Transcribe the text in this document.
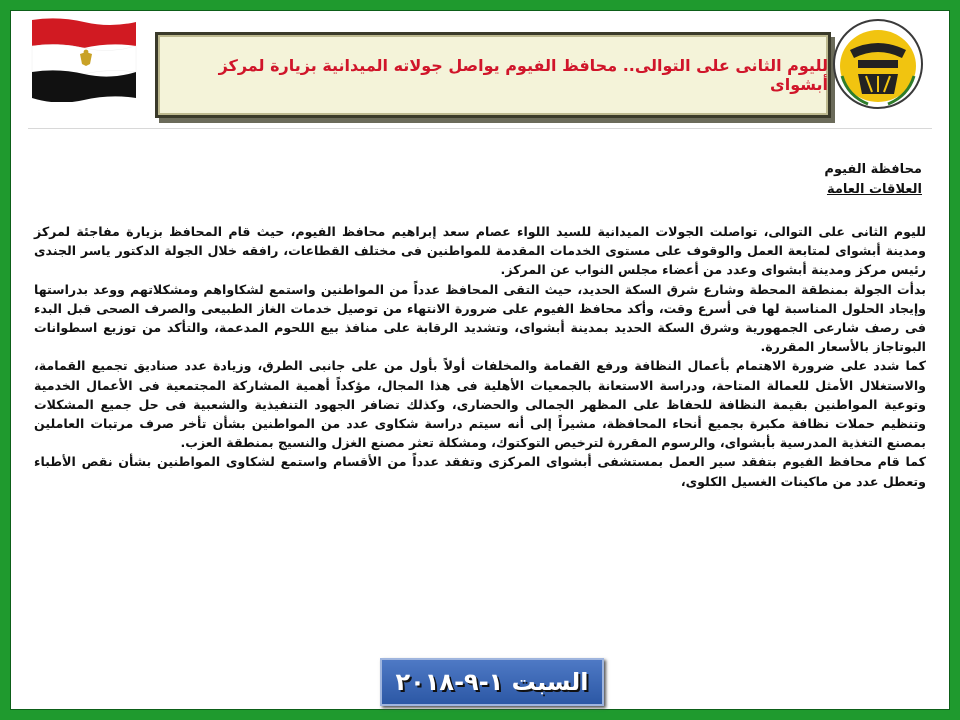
لليوم الثانى على التوالى.. محافظ الفيوم يواصل جولاته الميدانية بزيارة لمركز أبشواى
محافظة الفيوم
العلاقات العامة

لليوم الثانى على التوالى، تواصلت الجولات الميدانية للسيد اللواء عصام سعد إبراهيم محافظ الفيوم، حيث قام المحافظ بزيارة مفاجئة لمركز ومدينة أبشواى لمتابعة العمل والوقوف على مستوى الخدمات المقدمة للمواطنين فى مختلف القطاعات، رافقه خلال الجولة الدكتور ياسر الجندى رئيس مركز ومدينة أبشواى وعدد من أعضاء مجلس النواب عن المركز.

بدأت الجولة بمنطقة المحطة وشارع شرق السكة الحديد، حيث التقى المحافظ عدداً من المواطنين واستمع لشكاواهم ومشكلاتهم ووعد بدراستها وإيجاد الحلول المناسبة لها فى أسرع وقت، وأكد محافظ الفيوم على ضرورة الانتهاء من توصيل خدمات الغاز الطبيعى والصرف الصحى قبل البدء فى رصف شارعى الجمهورية وشرق السكة الحديد بمدينة أبشواى، وتشديد الرقابة على منافذ بيع اللحوم المدعمة، والتأكد من توزيع اسطوانات البوتاجاز بالأسعار المقررة.

كما شدد على ضرورة الاهتمام بأعمال النظافة ورفع القمامة والمخلفات أولاً بأول من على جانبى الطرق، وزيادة عدد صناديق تجميع القمامة، والاستغلال الأمثل للعمالة المتاحة، ودراسة الاستعانة بالجمعيات الأهلية فى هذا المجال، مؤكداً أهمية المشاركة المجتمعية فى الأعمال الخدمية وتوعية المواطنين بقيمة النظافة للحفاظ على المظهر الجمالى والحضارى، وكذلك تضافر الجهود التنفيذية والشعبية فى حل جميع المشكلات وتنظيم حملات نظافة مكبرة بجميع أنحاء المحافظة، مشيراً إلى أنه سيتم دراسة شكاوى عدد من المواطنين بشأن تأخر صرف مرتبات العاملين بمصنع التغذية المدرسية بأبشواى، والرسوم المقررة لترخيص التوكتوك، ومشكلة تعثر مصنع الغزل والنسيج بمنطقة العزب.

كما قام محافظ الفيوم بتفقد سير العمل بمستشفى أبشواى المركزى وتفقد عدداً من الأقسام واستمع لشكاوى المواطنين بشأن نقص الأطباء وتعطل عدد من ماكينات الغسيل الكلوى،

السبت ١-٩-٢٠١٨
